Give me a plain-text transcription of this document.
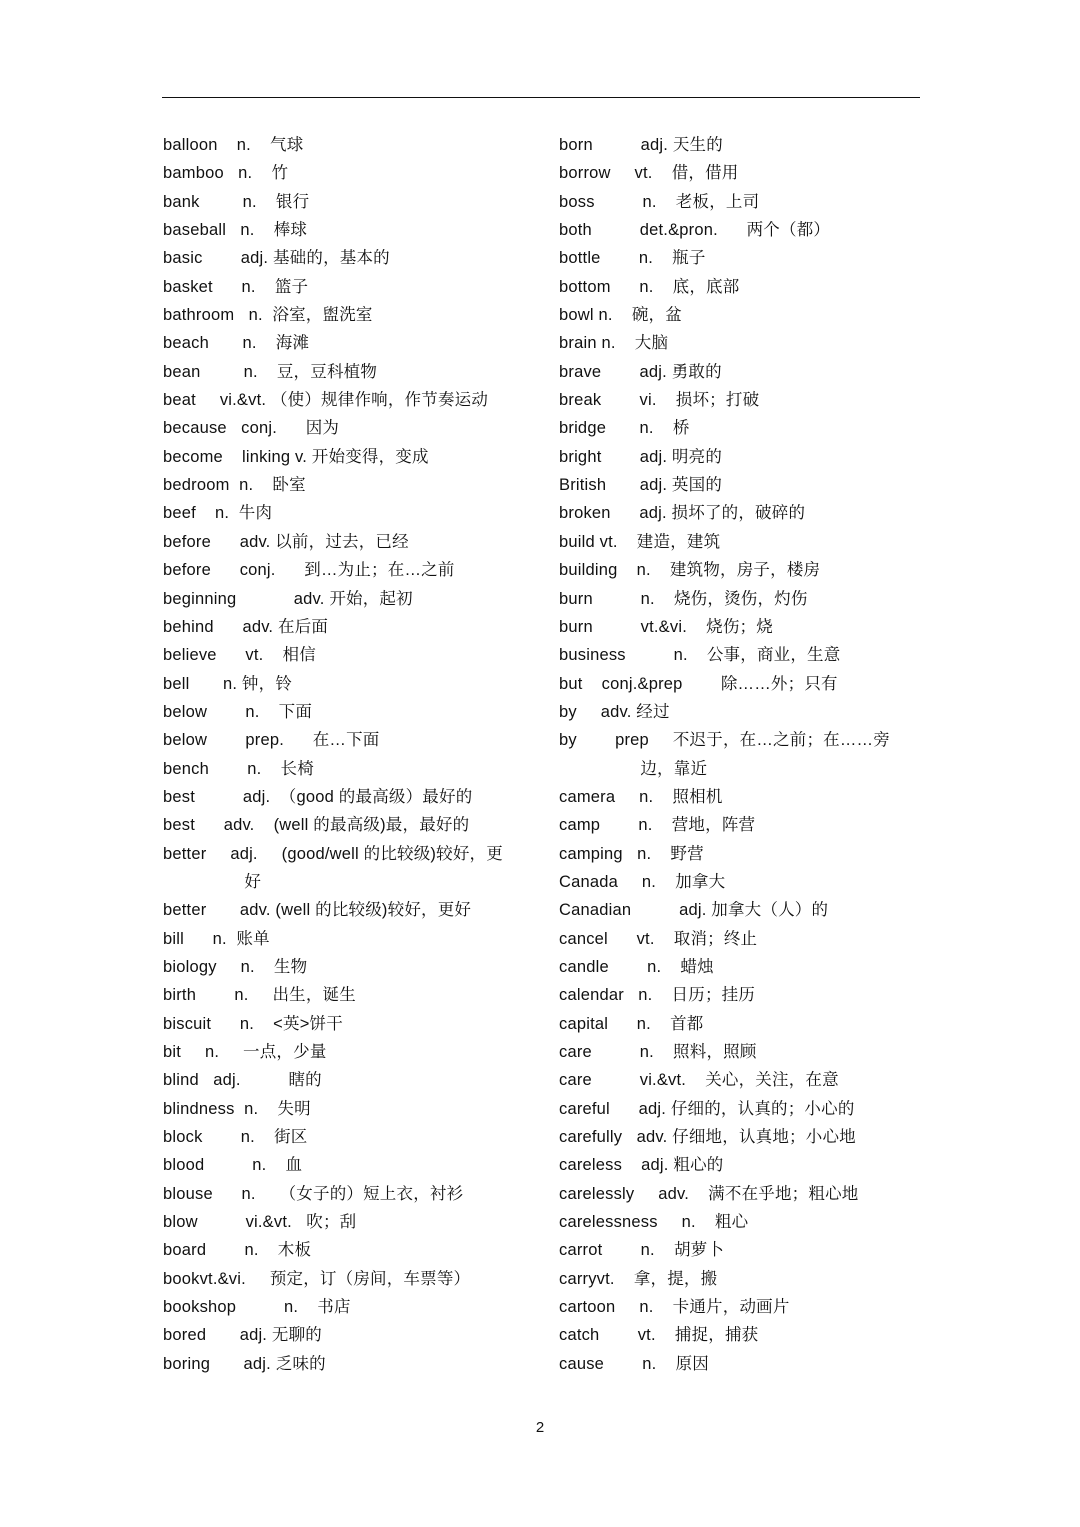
balloon    n.    气球
bamboo   n.    竹
bank         n.    银行
baseball   n.    棒球
basic        adj. 基础的，基本的
basket      n.    篮子
bathroom   n.  浴室，盥洗室
beach       n.    海滩
bean         n.    豆，豆科植物
beat     vi.&vt. （使）规律作响，作节奏运动
because   conj.      因为
become    linking v. 开始变得，变成
bedroom  n.    卧室
beef    n.  牛肉
before      adv. 以前，过去，已经
before      conj.      到…为止；在…之前
beginning            adv. 开始，起初
behind      adv. 在后面
believe      vt.    相信
bell       n. 钟，铃
below        n.    下面
below        prep.      在…下面
bench        n.    长椅
best          adj.  （good 的最高级）最好的
best      adv.    (well 的最高级)最，最好的
better     adj.     (good/well 的比较级)较好，更
好
better       adv. (well 的比较级)较好，更好
bill      n.  账单
biology     n.    生物
birth        n.     出生，诞生
biscuit      n.    <英>饼干
bit     n.     一点，少量
blind   adj.          瞎的
blindness  n.    失明
block        n.    街区
blood          n.    血
blouse      n.     （女子的）短上衣，衬衫
blow          vi.&vt.   吹；刮
board        n.    木板
bookvt.&vi.     预定，订（房间，车票等）
bookshop          n.    书店
bored       adj. 无聊的
boring       adj. 乏味的
born          adj. 天生的
borrow     vt.    借，借用
boss          n.    老板，上司
both          det.&pron.      两个（都）
bottle        n.    瓶子
bottom      n.    底，底部
bowl n.    碗，盆
brain n.    大脑
brave        adj. 勇敢的
break        vi.    损坏；打破
bridge       n.    桥
bright        adj. 明亮的
British       adj. 英国的
broken      adj. 损坏了的，破碎的
build vt.    建造，建筑
building    n.    建筑物，房子，楼房
burn          n.    烧伤，烫伤，灼伤
burn          vt.&vi.    烧伤；烧
business          n.    公事，商业，生意
but    conj.&prep        除……外；只有
by     adv. 经过
by        prep     不迟于，在…之前；在……旁
边，靠近
camera     n.    照相机
camp        n.    营地，阵营
camping   n.    野营
Canada     n.    加拿大
Canadian          adj. 加拿大（人）的
cancel      vt.    取消；终止
candle        n.    蜡烛
calendar   n.    日历；挂历
capital      n.    首都
care          n.    照料，照顾
care          vi.&vt.    关心，关注，在意
careful      adj. 仔细的，认真的；小心的
carefully   adv. 仔细地，认真地；小心地
careless    adj. 粗心的
carelessly     adv.    满不在乎地；粗心地
carelessness     n.    粗心
carrot        n.    胡萝卜
carryvt.    拿，提，搬
cartoon     n.    卡通片，动画片
catch        vt.    捕捉，捕获
cause        n.    原因
2
